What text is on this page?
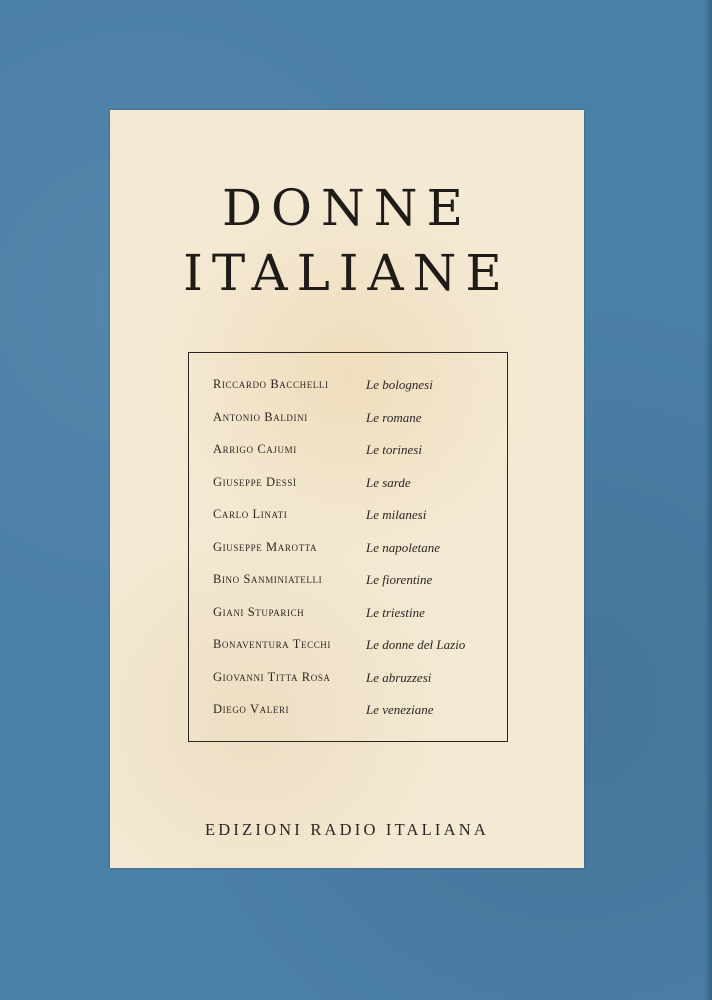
DONNE
ITALIANE
Riccardo Bacchelli	Le bolognesi
Antonio Baldini	Le romane
Arrigo Cajumi	Le torinesi
Giuseppe Dessì	Le sarde
Carlo Linati	Le milanesi
Giuseppe Marotta	Le napoletane
Bino Sanminiatelli	Le fiorentine
Giani Stuparich	Le triestine
Bonaventura Tecchi	Le donne del Lazio
Giovanni Titta Rosa	Le abruzzesi
Diego Valeri	Le veneziane
EDIZIONI RADIO ITALIANA
